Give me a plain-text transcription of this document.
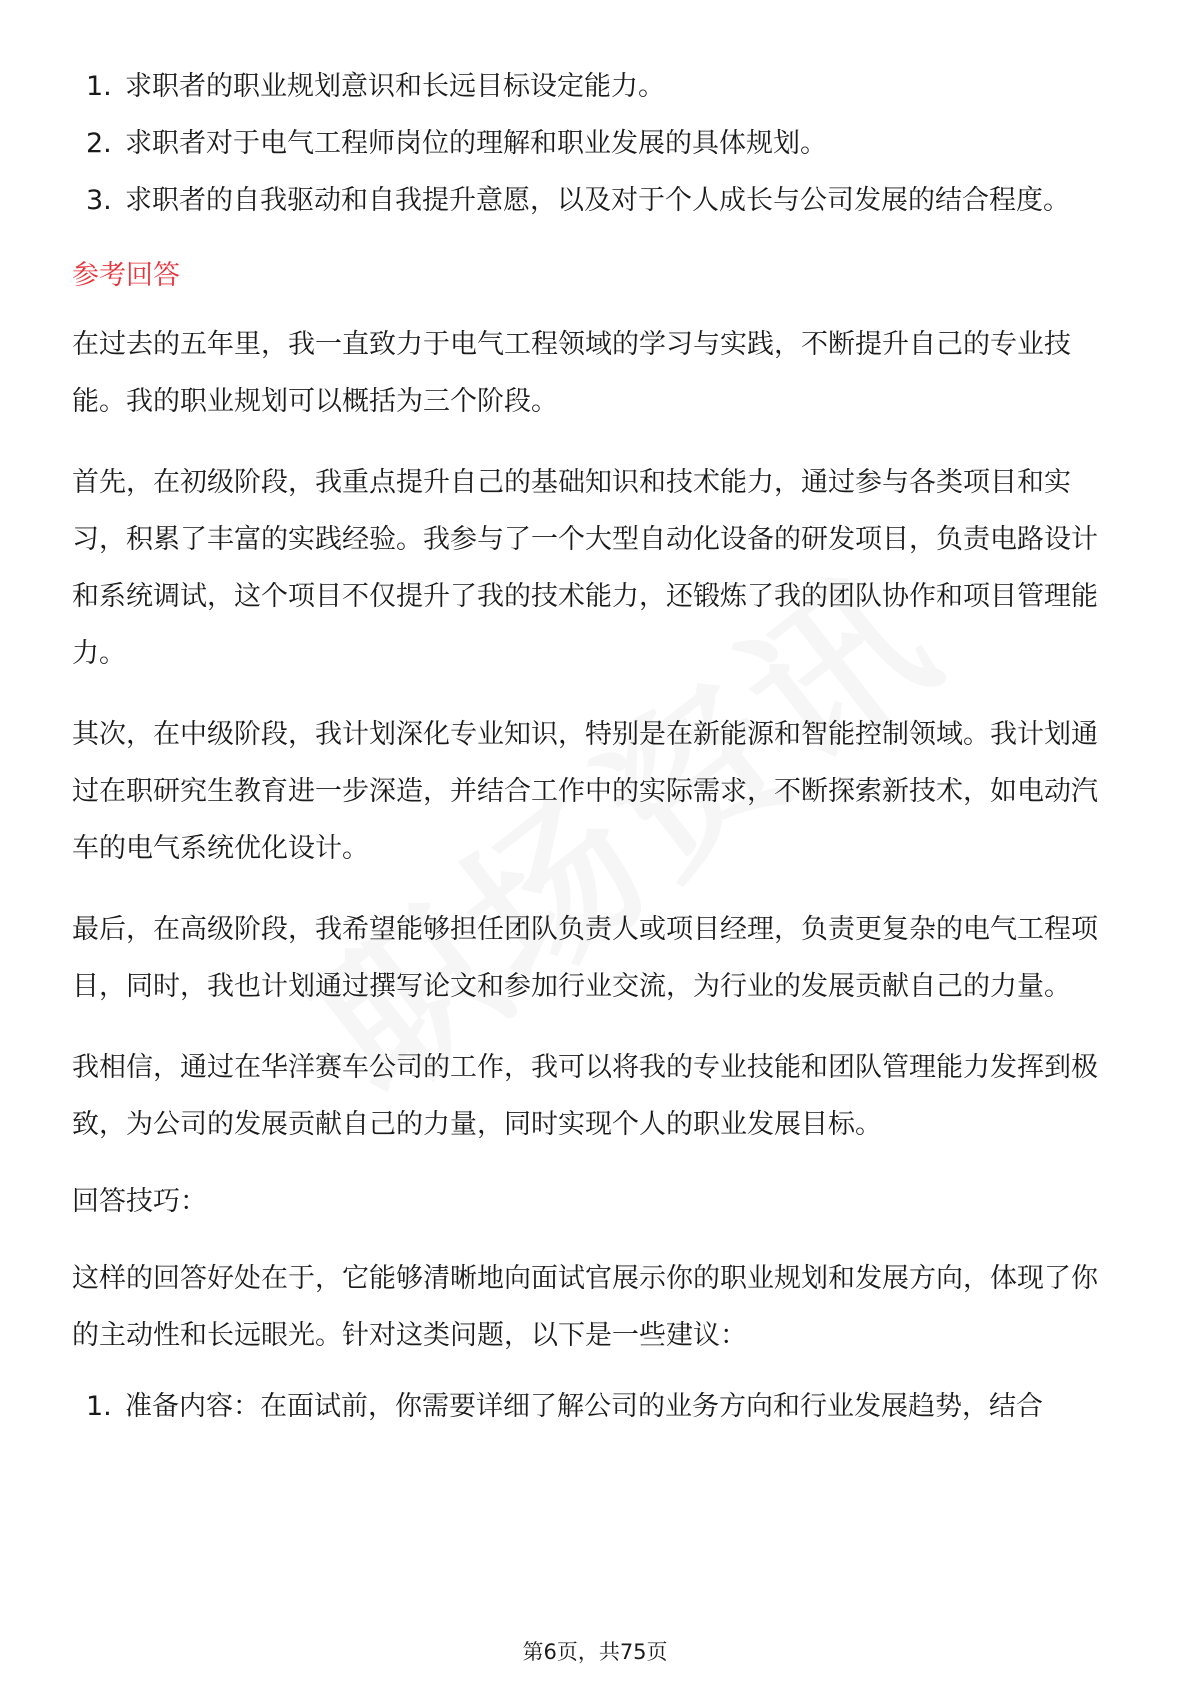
1. 求职者的职业规划意识和长远目标设定能力。
2. 求职者对于电气工程师岗位的理解和职业发展的具体规划。
3. 求职者的自我驱动和自我提升意愿，以及对于个人成长与公司发展的结合程度。
参考回答

在过去的五年里，我一直致力于电气工程领域的学习与实践，不断提升自己的专业技能。我的职业规划可以概括为三个阶段。

首先，在初级阶段，我重点提升自己的基础知识和技术能力，通过参与各类项目和实习，积累了丰富的实践经验。我参与了一个大型自动化设备的研发项目，负责电路设计和系统调试，这个项目不仅提升了我的技术能力，还锻炼了我的团队协作和项目管理能力。

其次，在中级阶段，我计划深化专业知识，特别是在新能源和智能控制领域。我计划通过在职研究生教育进一步深造，并结合工作中的实际需求，不断探索新技术，如电动汽车的电气系统优化设计。

最后，在高级阶段，我希望能够担任团队负责人或项目经理，负责更复杂的电气工程项目，同时，我也计划通过撰写论文和参加行业交流，为行业的发展贡献自己的力量。

我相信，通过在华洋赛车公司的工作，我可以将我的专业技能和团队管理能力发挥到极致，为公司的发展贡献自己的力量，同时实现个人的职业发展目标。

回答技巧：

这样的回答好处在于，它能够清晰地向面试官展示你的职业规划和发展方向，体现了你的主动性和长远眼光。针对这类问题，以下是一些建议：

1. 准备内容：在面试前，你需要详细了解公司的业务方向和行业发展趋势，结合
第6页，共75页
